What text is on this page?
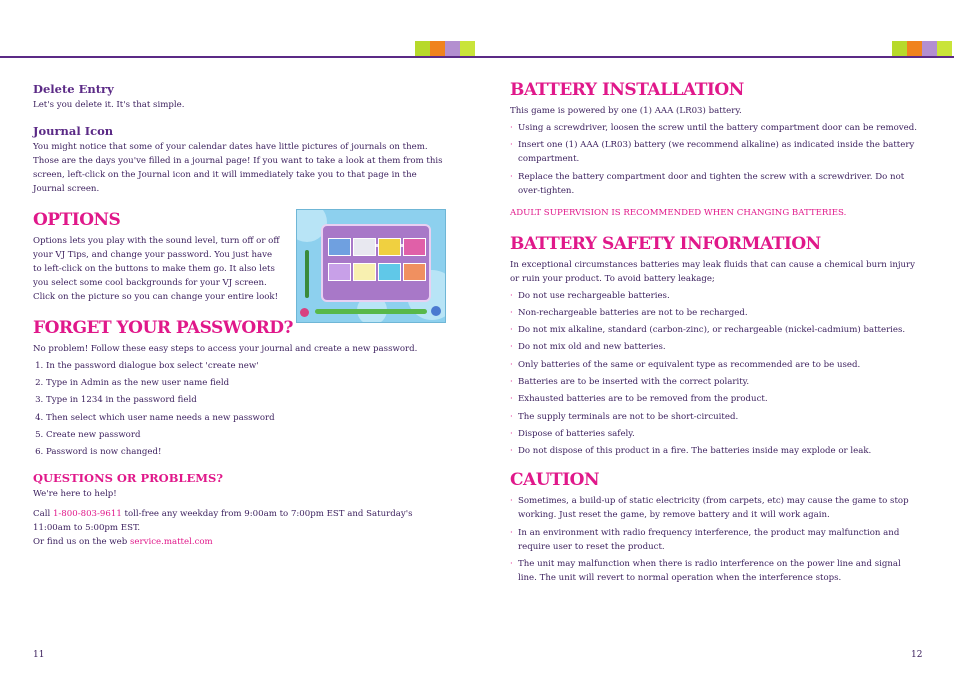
Delete Entry

Let's you delete it. It's that simple.

Journal Icon

You might notice that some of your calendar dates have little pictures of journals on them. Those are the days you've filled in a journal page! If you want to take a look at them from this screen, left-click on the Journal icon and it will immediately take you to that page in the Journal screen.

OPTIONS

Options lets you play with the sound level, turn off or off your VJ Tips, and change your password. You just have to left-click on the buttons to make them go. It also lets you select some cool backgrounds for your VJ screen. Click on the picture so you can change your entire look!

FORGET YOUR PASSWORD?

No problem! Follow these easy steps to access your journal and create a new password.

1. In the password dialogue box select 'create new'
2. Type in Admin as the new user name field
3. Type in 1234 in the password field
4. Then select which user name needs a new password
5. Create new password
6. Password is now changed!
QUESTIONS OR PROBLEMS?

We're here to help!

Call 1-800-803-9611 toll-free any weekday from 9:00am to 7:00pm EST and Saturday's 11:00am to 5:00pm EST.

Or find us on the web service.mattel.com

11
BATTERY INSTALLATION

This game is powered by one (1) AAA (LR03) battery.

· Using a screwdriver, loosen the screw until the battery compartment door can be removed.
· Insert one (1) AAA (LR03) battery (we recommend alkaline) as indicated inside the battery compartment.
· Replace the battery compartment door and tighten the screw with a screwdriver. Do not over-tighten.

ADULT SUPERVISION IS RECOMMENDED WHEN CHANGING BATTERIES.

BATTERY SAFETY INFORMATION

In exceptional circumstances batteries may leak fluids that can cause a chemical burn injury or ruin your product. To avoid battery leakage;

· Do not use rechargeable batteries.
· Non-rechargeable batteries are not to be recharged.
· Do not mix alkaline, standard (carbon-zinc), or rechargeable (nickel-cadmium) batteries.
· Do not mix old and new batteries.
· Only batteries of the same or equivalent type as recommended are to be used.
· Batteries are to be inserted with the correct polarity.
· Exhausted batteries are to be removed from the product.
· The supply terminals are not to be short-circuited.
· Dispose of batteries safely.
· Do not dispose of this product in a fire. The batteries inside may explode or leak.
CAUTION
· Sometimes, a build-up of static electricity (from carpets, etc) may cause the game to stop working. Just reset the game, by remove battery and it will work again.
· In an environment with radio frequency interference, the product may malfunction and require user to reset the product.
· The unit may malfunction when there is radio interference on the power line and signal line. The unit will revert to normal operation when the interference stops.
12
